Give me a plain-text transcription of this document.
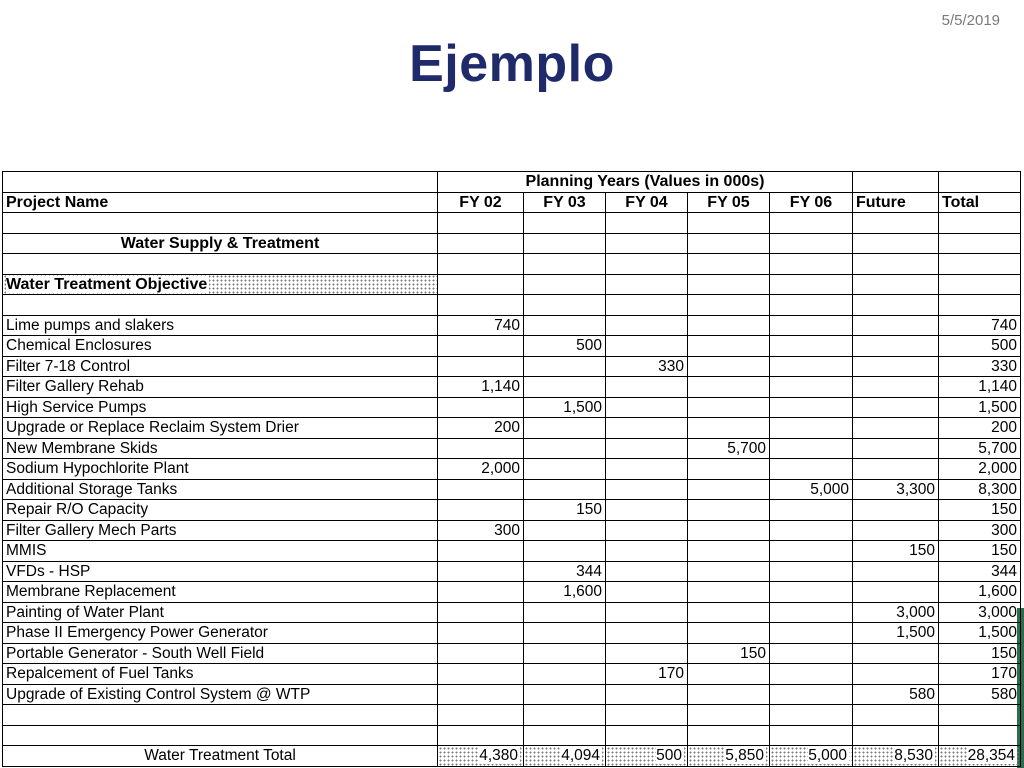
5/5/2019
Ejemplo
	Planning Years (Values in 000s)						
Project Name	FY 02	FY 03	FY 04	FY 05	FY 06	Future	Total

Water Supply & Treatment							

Water Treatment Objective							

Lime pumps and slakers	740						740
Chemical Enclosures		500					500
Filter 7-18 Control			330				330
Filter Gallery Rehab	1,140						1,140
High Service Pumps		1,500					1,500
Upgrade or Replace Reclaim System Drier	200						200
New Membrane Skids				5,700			5,700
Sodium Hypochlorite Plant	2,000						2,000
Additional Storage Tanks					5,000	3,300	8,300
Repair R/O Capacity		150					150
Filter Gallery Mech Parts	300						300
MMIS						150	150
VFDs - HSP		344					344
Membrane Replacement		1,600					1,600
Painting of Water Plant						3,000	3,000
Phase II Emergency Power Generator						1,500	1,500
Portable Generator - South Well Field				150			150
Repalcement of Fuel Tanks			170				170
Upgrade of Existing Control System @ WTP						580	580

Water Treatment Total	4,380	4,094	500	5,850	5,000	8,530	28,354
